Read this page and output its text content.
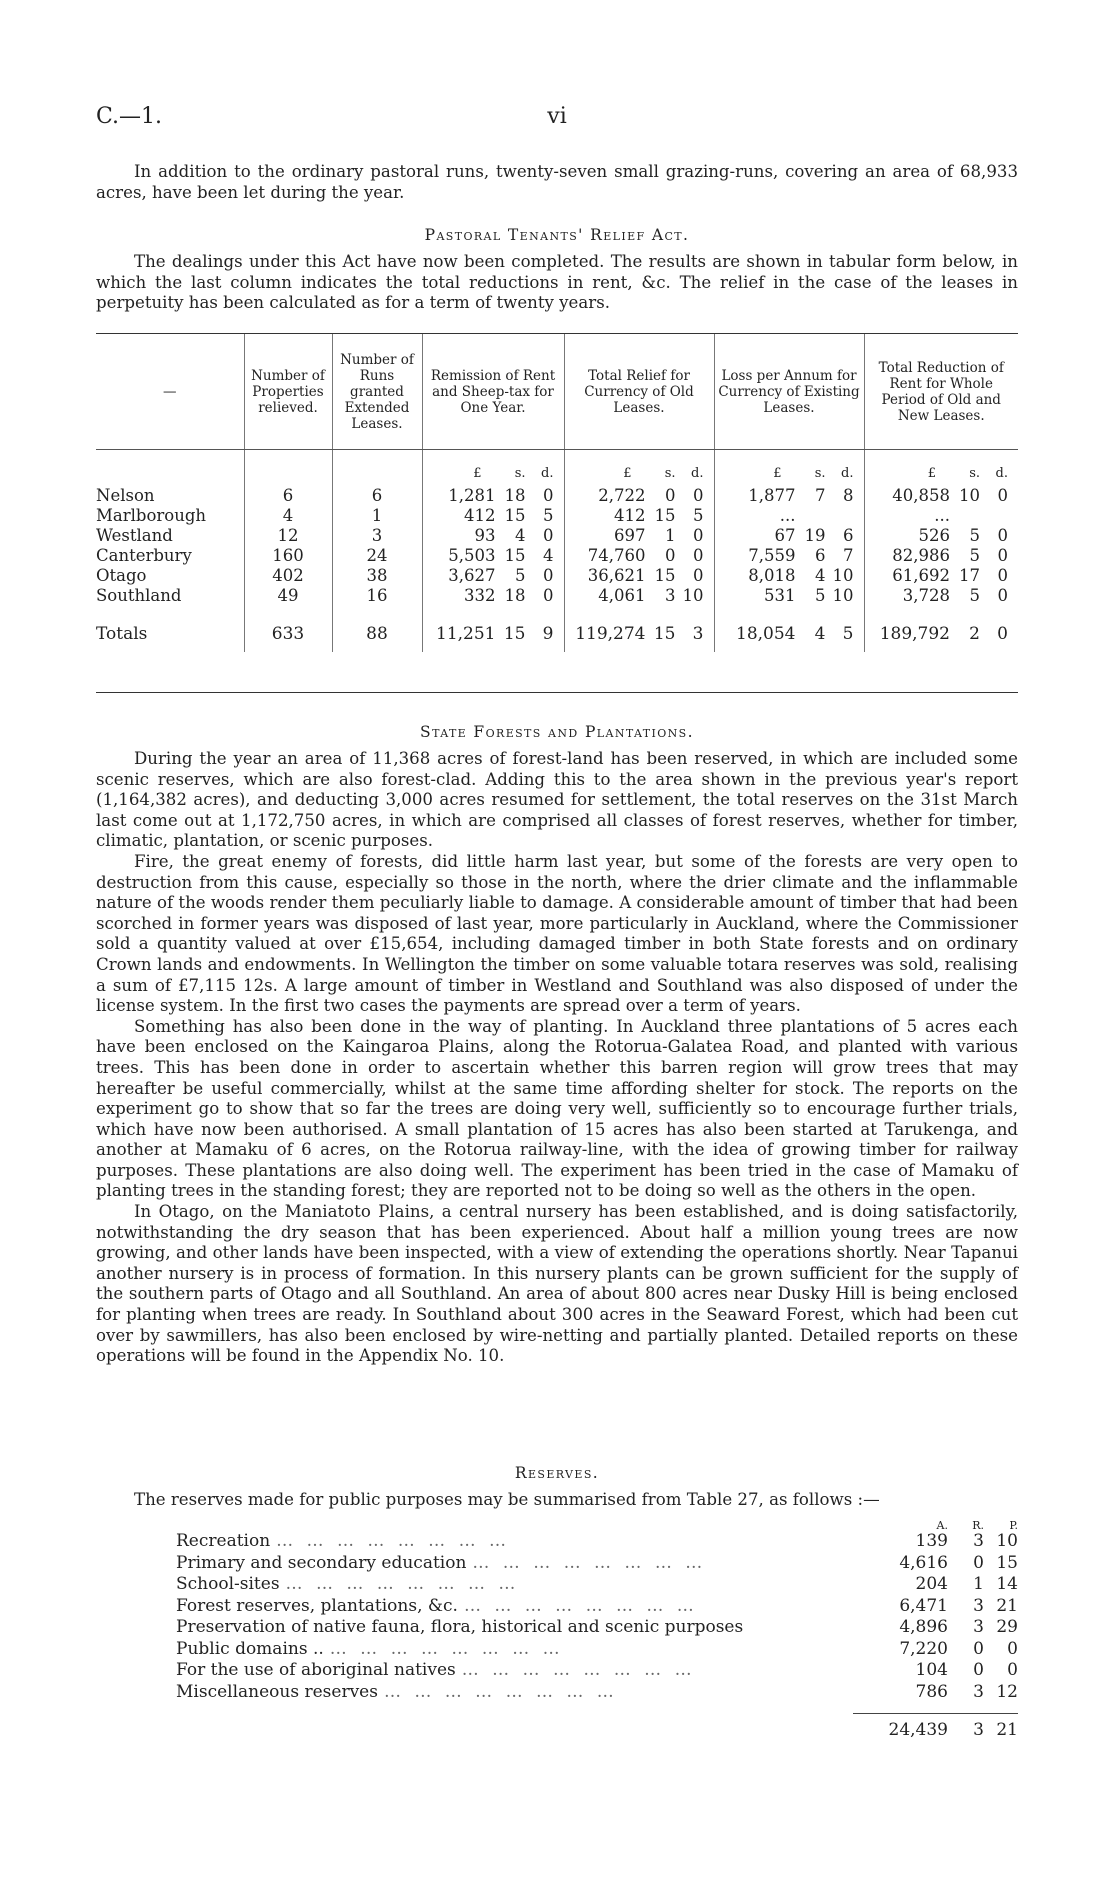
C.—1.	vi

In addition to the ordinary pastoral runs, twenty-seven small grazing-runs, covering an area of 68,933 acres, have been let during the year.

Pastoral Tenants' Relief Act.

The dealings under this Act have now been completed. The results are shown in tabular form below, in which the last column indicates the total reductions in rent, &c. The relief in the case of the leases in perpetuity has been calculated as for a term of twenty years.

—	Number of Properties relieved.	Number of Runs granted Extended Leases.	Remission of Rent and Sheep-tax for One Year.	Total Relief for Currency of Old Leases.	Loss per Annum for Currency of Existing Leases.	Total Reduction of Rent for Whole Period of Old and New Leases.

			£ s. d.	£ s. d.	£ s. d.	£ s. d.

Nelson	6	6	1,281 18 0	2,722 0 0	1,877 7 8	40,858 10 0

Marlborough	4	1	412 15 5	412 15 5	...	...

Westland	12	3	93 4 0	697 1 0	67 19 6	526 5 0

Canterbury	160	24	5,503 15 4	74,760 0 0	7,559 6 7	82,986 5 0

Otago	402	38	3,627 5 0	36,621 15 0	8,018 4 10	61,692 17 0

Southland	49	16	332 18 0	4,061 3 10	531 5 10	3,728 5 0

Totals	633	88	11,251 15 9	119,274 15 3	18,054 4 5	189,792 2 0
State Forests and Plantations.

During the year an area of 11,368 acres of forest-land has been reserved, in which are included some scenic reserves, which are also forest-clad. Adding this to the area shown in the previous year's report (1,164,382 acres), and deducting 3,000 acres resumed for settlement, the total reserves on the 31st March last come out at 1,172,750 acres, in which are comprised all classes of forest reserves, whether for timber, climatic, plantation, or scenic purposes.

Fire, the great enemy of forests, did little harm last year, but some of the forests are very open to destruction from this cause, especially so those in the north, where the drier climate and the inflammable nature of the woods render them peculiarly liable to damage. A considerable amount of timber that had been scorched in former years was disposed of last year, more particularly in Auckland, where the Commissioner sold a quantity valued at over £15,654, including damaged timber in both State forests and on ordinary Crown lands and endowments. In Wellington the timber on some valuable totara reserves was sold, realising a sum of £7,115 12s. A large amount of timber in Westland and Southland was also disposed of under the license system. In the first two cases the payments are spread over a term of years.

Something has also been done in the way of planting. In Auckland three plantations of 5 acres each have been enclosed on the Kaingaroa Plains, along the Rotorua-Galatea Road, and planted with various trees. This has been done in order to ascertain whether this barren region will grow trees that may hereafter be useful commercially, whilst at the same time affording shelter for stock. The reports on the experiment go to show that so far the trees are doing very well, sufficiently so to encourage further trials, which have now been authorised. A small plantation of 15 acres has also been started at Tarukenga, and another at Mamaku of 6 acres, on the Rotorua railway-line, with the idea of growing timber for railway purposes. These plantations are also doing well. The experiment has been tried in the case of Mamaku of planting trees in the standing forest; they are reported not to be doing so well as the others in the open.

In Otago, on the Maniatoto Plains, a central nursery has been established, and is doing satisfactorily, notwithstanding the dry season that has been experienced. About half a million young trees are now growing, and other lands have been inspected, with a view of extending the operations shortly. Near Tapanui another nursery is in process of formation. In this nursery plants can be grown sufficient for the supply of the southern parts of Otago and all Southland. An area of about 800 acres near Dusky Hill is being enclosed for planting when trees are ready. In Southland about 300 acres in the Seaward Forest, which had been cut over by sawmillers, has also been enclosed by wire-netting and partially planted. Detailed reports on these operations will be found in the Appendix No. 10.

Reserves.

The reserves made for public purposes may be summarised from Table 27, as follows :—

A.	R.	P.
Recreation … … … … … … … …	139	3 10
Primary and secondary education … … … … … … … …	4,616	0 15
School-sites … … … … … … … …	204	1 14
Forest reserves, plantations, &c. … … … … … … … …	6,471	3 21
Preservation of native fauna, flora, historical and scenic purposes	4,896	3 29
Public domains .. … … … … … … … …	7,220	0	0
For the use of aboriginal natives … … … … … … … …	104	0	0
Miscellaneous reserves … … … … … … … …	786	3 12
24,439	3 21
